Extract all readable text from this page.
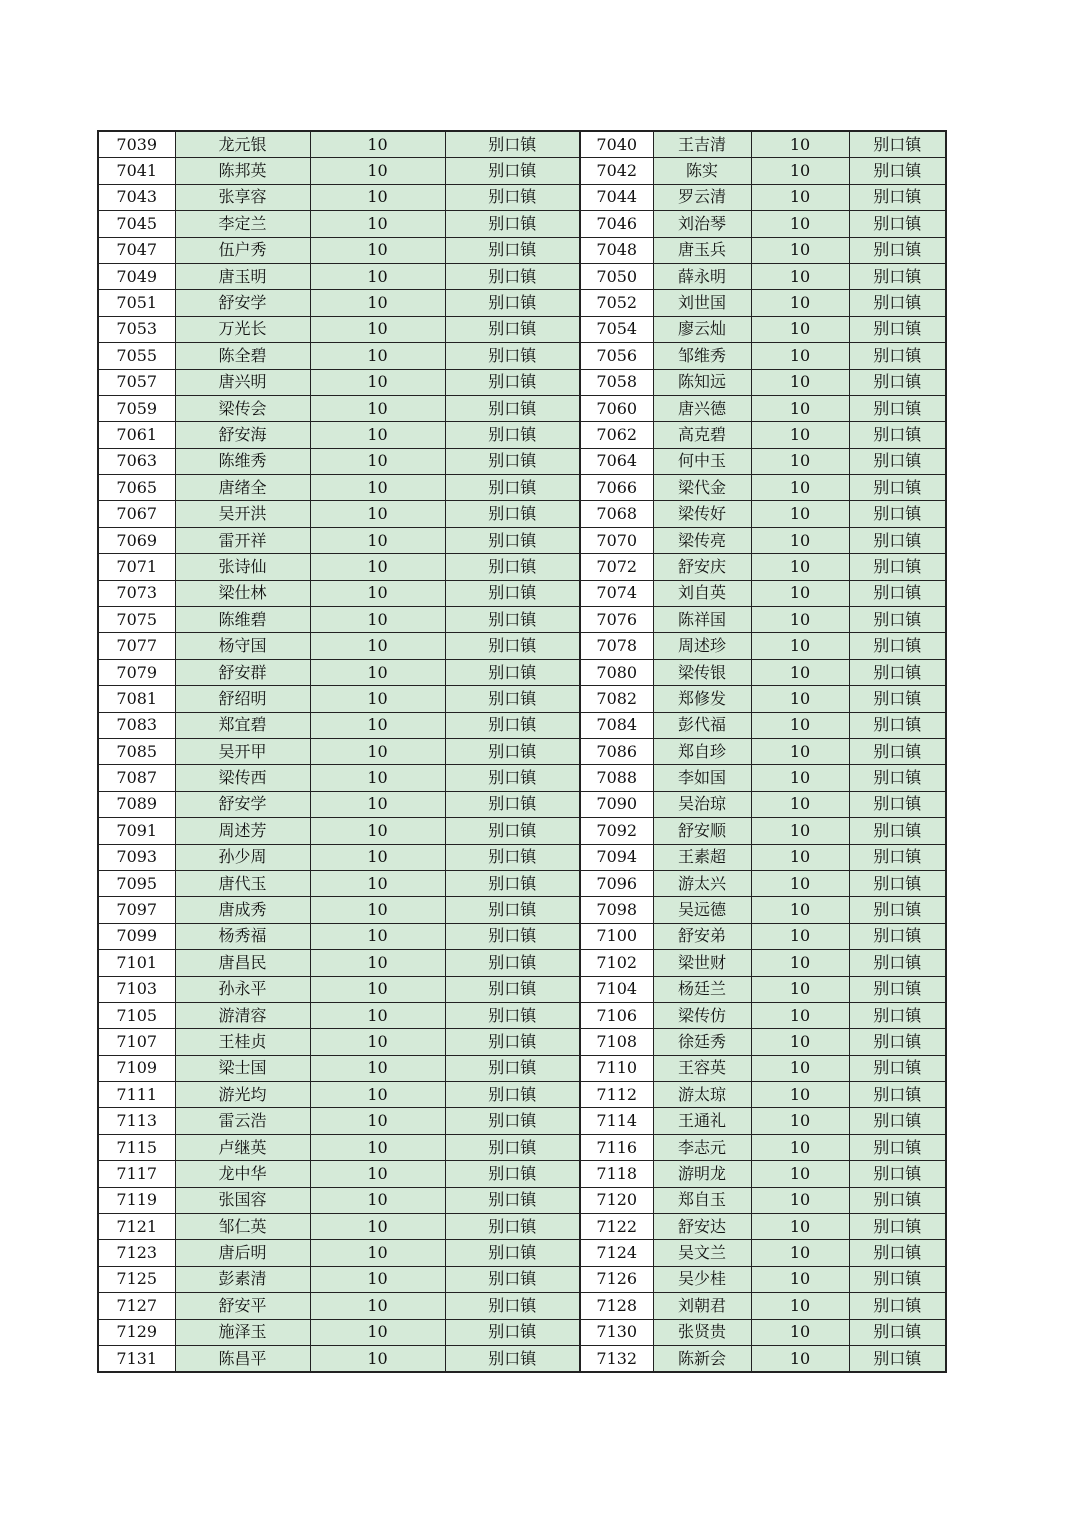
7039	龙元银	10	别口镇	7040	王吉清	10	别口镇
7041	陈邦英	10	别口镇	7042	陈实	10	别口镇
7043	张享容	10	别口镇	7044	罗云清	10	别口镇
7045	李定兰	10	别口镇	7046	刘治琴	10	别口镇
7047	伍户秀	10	别口镇	7048	唐玉兵	10	别口镇
7049	唐玉明	10	别口镇	7050	薛永明	10	别口镇
7051	舒安学	10	别口镇	7052	刘世国	10	别口镇
7053	万光长	10	别口镇	7054	廖云灿	10	别口镇
7055	陈全碧	10	别口镇	7056	邹维秀	10	别口镇
7057	唐兴明	10	别口镇	7058	陈知远	10	别口镇
7059	梁传会	10	别口镇	7060	唐兴德	10	别口镇
7061	舒安海	10	别口镇	7062	高克碧	10	别口镇
7063	陈维秀	10	别口镇	7064	何中玉	10	别口镇
7065	唐绪全	10	别口镇	7066	梁代金	10	别口镇
7067	吴开洪	10	别口镇	7068	梁传好	10	别口镇
7069	雷开祥	10	别口镇	7070	梁传亮	10	别口镇
7071	张诗仙	10	别口镇	7072	舒安庆	10	别口镇
7073	梁仕林	10	别口镇	7074	刘自英	10	别口镇
7075	陈维碧	10	别口镇	7076	陈祥国	10	别口镇
7077	杨守国	10	别口镇	7078	周述珍	10	别口镇
7079	舒安群	10	别口镇	7080	梁传银	10	别口镇
7081	舒绍明	10	别口镇	7082	郑修发	10	别口镇
7083	郑宜碧	10	别口镇	7084	彭代福	10	别口镇
7085	吴开甲	10	别口镇	7086	郑自珍	10	别口镇
7087	梁传西	10	别口镇	7088	李如国	10	别口镇
7089	舒安学	10	别口镇	7090	吴治琼	10	别口镇
7091	周述芳	10	别口镇	7092	舒安顺	10	别口镇
7093	孙少周	10	别口镇	7094	王素超	10	别口镇
7095	唐代玉	10	别口镇	7096	游太兴	10	别口镇
7097	唐成秀	10	别口镇	7098	吴远德	10	别口镇
7099	杨秀福	10	别口镇	7100	舒安弟	10	别口镇
7101	唐昌民	10	别口镇	7102	梁世财	10	别口镇
7103	孙永平	10	别口镇	7104	杨廷兰	10	别口镇
7105	游清容	10	别口镇	7106	梁传仿	10	别口镇
7107	王桂贞	10	别口镇	7108	徐廷秀	10	别口镇
7109	梁士国	10	别口镇	7110	王容英	10	别口镇
7111	游光均	10	别口镇	7112	游太琼	10	别口镇
7113	雷云浩	10	别口镇	7114	王通礼	10	别口镇
7115	卢继英	10	别口镇	7116	李志元	10	别口镇
7117	龙中华	10	别口镇	7118	游明龙	10	别口镇
7119	张国容	10	别口镇	7120	郑自玉	10	别口镇
7121	邹仁英	10	别口镇	7122	舒安达	10	别口镇
7123	唐后明	10	别口镇	7124	吴文兰	10	别口镇
7125	彭素清	10	别口镇	7126	吴少桂	10	别口镇
7127	舒安平	10	别口镇	7128	刘朝君	10	别口镇
7129	施泽玉	10	别口镇	7130	张贤贵	10	别口镇
7131	陈昌平	10	别口镇	7132	陈新会	10	别口镇
